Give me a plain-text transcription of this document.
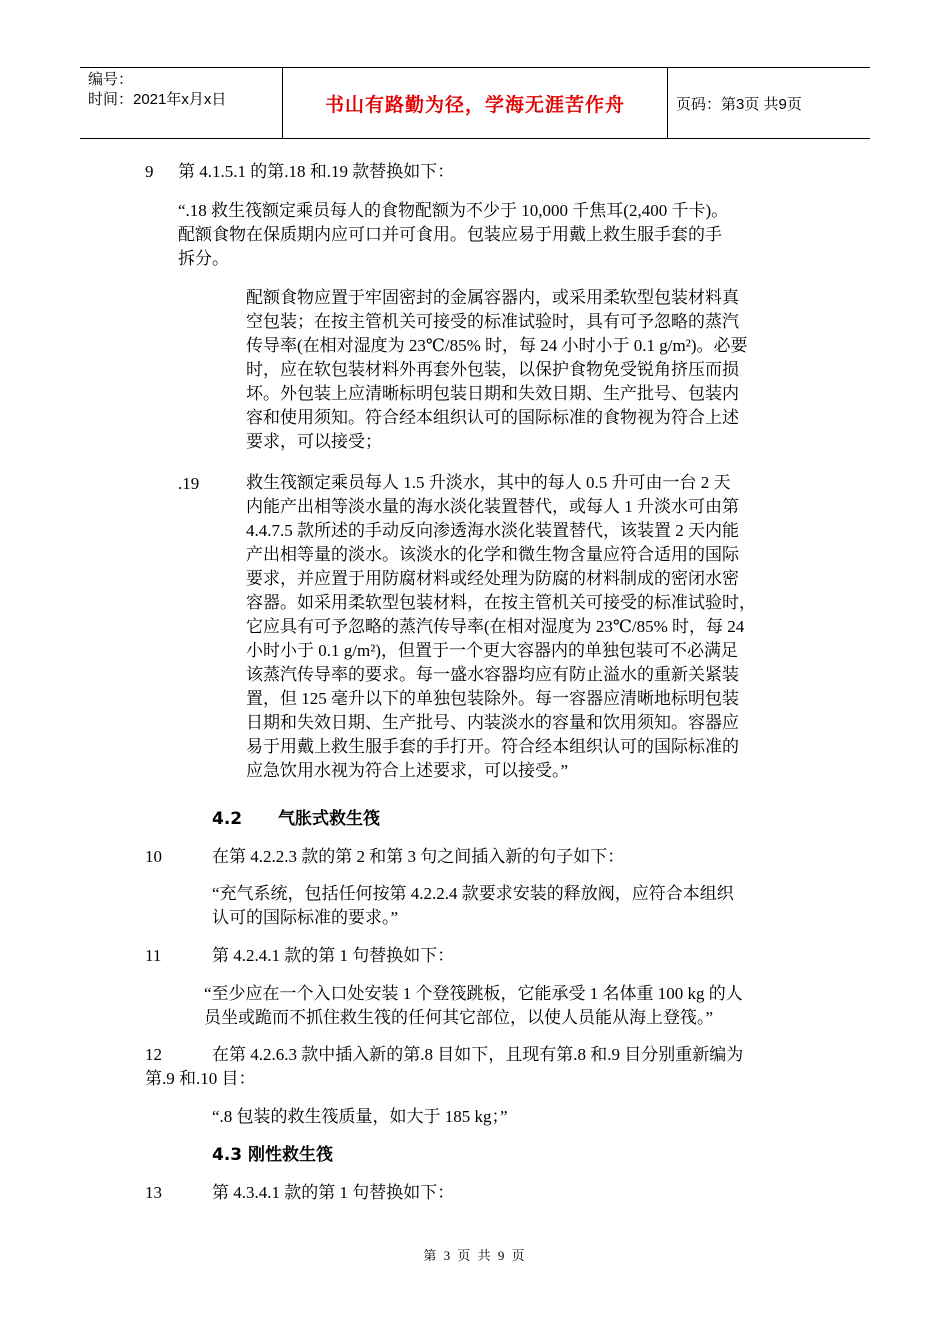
编号：
时间：2021年x月x日	书山有路勤为径，学海无涯苦作舟	页码：第3页 共9页
9 第 4.1.5.1 的第.18 和.19 款替换如下：
“.18 救生筏额定乘员每人的食物配额为不少于 10,000 千焦耳(2,400 千卡)。
配额食物在保质期内应可口并可食用。包装应易于用戴上救生服手套的手
拆分。
配额食物应置于牢固密封的金属容器内，或采用柔软型包装材料真
空包装；在按主管机关可接受的标准试验时，具有可予忽略的蒸汽
传导率(在相对湿度为 23℃/85% 时，每 24 小时小于 0.1 g/m²)。必要
时，应在软包装材料外再套外包装，以保护食物免受锐角挤压而损
坏。外包装上应清晰标明包装日期和失效日期、生产批号、包装内
容和使用须知。符合经本组织认可的国际标准的食物视为符合上述
要求，可以接受；
.19	救生筏额定乘员每人 1.5 升淡水，其中的每人 0.5 升可由一台 2 天
内能产出相等淡水量的海水淡化装置替代，或每人 1 升淡水可由第
4.4.7.5 款所述的手动反向渗透海水淡化装置替代，该装置 2 天内能
产出相等量的淡水。该淡水的化学和微生物含量应符合适用的国际
要求，并应置于用防腐材料或经处理为防腐的材料制成的密闭水密
容器。如采用柔软型包装材料，在按主管机关可接受的标准试验时，
它应具有可予忽略的蒸汽传导率(在相对湿度为 23℃/85% 时，每 24
小时小于 0.1 g/m²)，但置于一个更大容器内的单独包装可不必满足
该蒸汽传导率的要求。每一盛水容器均应有防止溢水的重新关紧装
置，但 125 毫升以下的单独包装除外。每一容器应清晰地标明包装
日期和失效日期、生产批号、内装淡水的容量和饮用须知。容器应
易于用戴上救生服手套的手打开。符合经本组织认可的国际标准的
应急饮用水视为符合上述要求，可以接受。”
4.2 气胀式救生筏
10	在第 4.2.2.3 款的第 2 和第 3 句之间插入新的句子如下：
“充气系统，包括任何按第 4.2.2.4 款要求安装的释放阀，应符合本组织
认可的国际标准的要求。”
11	第 4.2.4.1 款的第 1 句替换如下：
“至少应在一个入口处安装 1 个登筏跳板，它能承受 1 名体重 100 kg 的人
员坐或跪而不抓住救生筏的任何其它部位，以使人员能从海上登筏。”
12	在第 4.2.6.3 款中插入新的第.8 目如下，且现有第.8 和.9 目分别重新编为
第.9 和.10 目：
“.8 包装的救生筏质量，如大于 185 kg；”
4.3 刚性救生筏
13	第 4.3.4.1 款的第 1 句替换如下：
第 3 页 共 9 页
